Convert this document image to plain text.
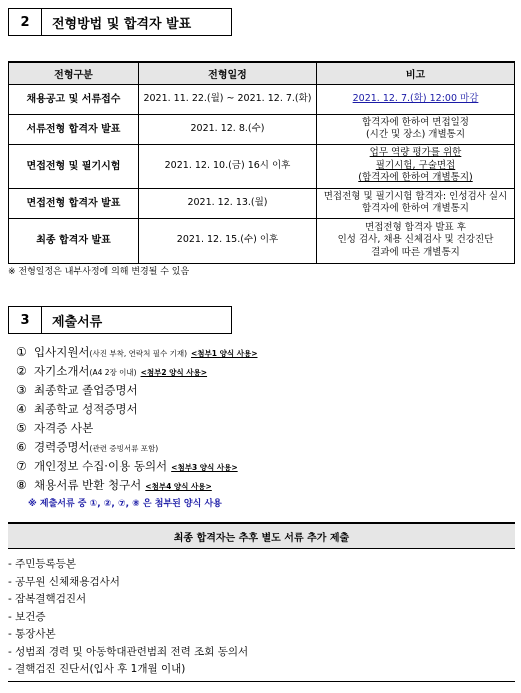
2	전형방법 및 합격자 발표
전형구분	전형일정	비고
채용공고 및 서류접수	2021. 11. 22.(월) ~ 2021. 12. 7.(화)	2021. 12. 7.(화) 12:00 마감
서류전형 합격자 발표	2021. 12. 8.(수)	합격자에 한하여 면접일정
(시간 및 장소) 개별통지

면접전형 및 필기시험	2021. 12. 10.(금) 16시 이후	업무 역량 평가를 위한
필기시험, 구술면접
(합격자에 한하여 개별통지)

면접전형 합격자 발표	2021. 12. 13.(월)	면접전형 및 필기시험 합격자: 인성검사 실시
합격자에 한하여 개별통지

최종 합격자 발표	2021. 12. 15.(수) 이후	면접전형 합격자 발표 후
인성 검사, 채용 신체검사 및 건강진단
결과에 따른 개별통지
※ 전형일정은 내부사정에 의해 변경될 수 있음
3	제출서류
① 입사지원서 (사진 부착, 연락처 필수 기재) <첨부1 양식 사용>
② 자기소개서 (A4 2장 이내) <첨부2 양식 사용>
③ 최종학교 졸업증명서
④ 최종학교 성적증명서
⑤ 자격증 사본
⑥ 경력증명서 (관련 증빙서류 포함)
⑦ 개인정보 수집·이용 동의서 <첨부3 양식 사용>
⑧ 채용서류 반환 청구서 <첨부4 양식 사용>
※ 제출서류 중 ①, ②, ⑦, ⑧ 은 첨부된 양식 사용
최종 합격자는 추후 별도 서류 추가 제출
- 주민등록등본
- 공무원 신체채용검사서
- 잠복결핵검진서
- 보건증
- 통장사본
- 성범죄 경력 및 아동학대관련범죄 전력 조회 동의서
- 결핵검진 진단서(입사 후 1개월 이내)
